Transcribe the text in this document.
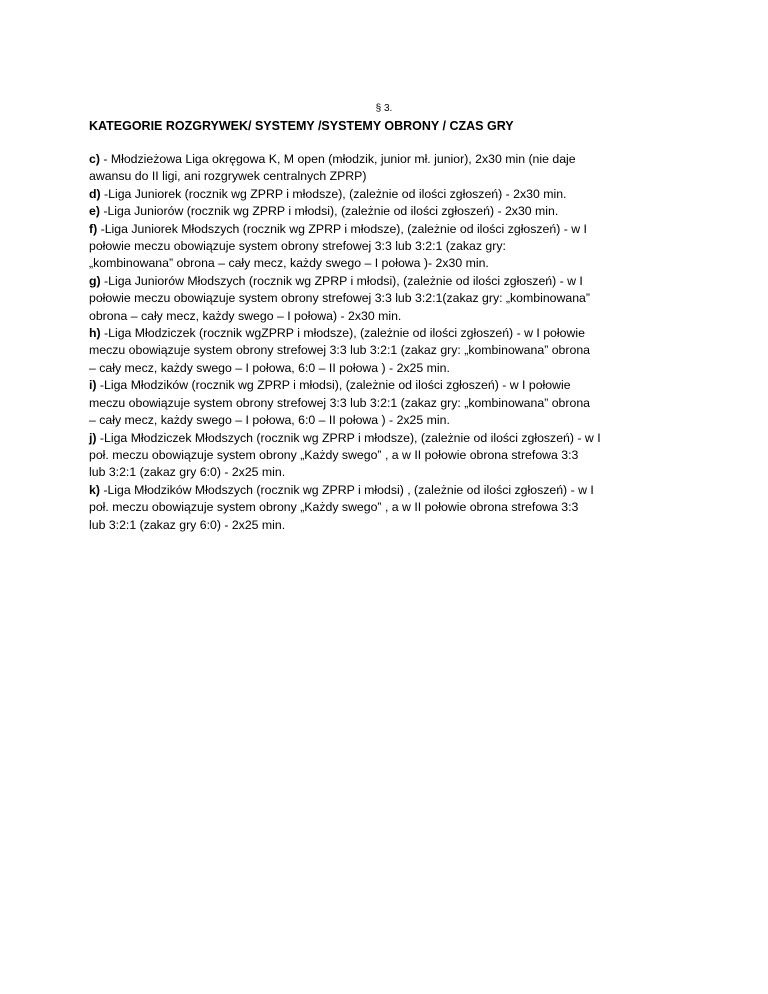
§ 3.
KATEGORIE ROZGRYWEK/ SYSTEMY /SYSTEMY OBRONY / CZAS GRY

c) - Młodzieżowa Liga okręgowa K, M open (młodzik, junior mł. junior), 2x30 min (nie daje
awansu do II ligi, ani rozgrywek centralnych ZPRP)

d) -Liga Juniorek (rocznik wg ZPRP i młodsze), (zależnie od ilości zgłoszeń) - 2x30 min.

e) -Liga Juniorów (rocznik wg ZPRP i młodsi), (zależnie od ilości zgłoszeń) - 2x30 min.

f) -Liga Juniorek Młodszych (rocznik wg ZPRP i młodsze), (zależnie od ilości zgłoszeń) - w I
połowie meczu obowiązuje system obrony strefowej 3:3 lub 3:2:1 (zakaz gry:
„kombinowana” obrona – cały mecz, każdy swego – I połowa )- 2x30 min.

g) -Liga Juniorów Młodszych (rocznik wg ZPRP i młodsi), (zależnie od ilości zgłoszeń) - w I
połowie meczu obowiązuje system obrony strefowej 3:3 lub 3:2:1(zakaz gry: „kombinowana”
obrona – cały mecz, każdy swego – I połowa) - 2x30 min.

h) -Liga Młodziczek (rocznik wgZPRP i młodsze), (zależnie od ilości zgłoszeń) - w I połowie
meczu obowiązuje system obrony strefowej 3:3 lub 3:2:1 (zakaz gry: „kombinowana” obrona
– cały mecz, każdy swego – I połowa, 6:0 – II połowa ) - 2x25 min.

i) -Liga Młodzików (rocznik wg ZPRP i młodsi), (zależnie od ilości zgłoszeń) - w I połowie
meczu obowiązuje system obrony strefowej 3:3 lub 3:2:1 (zakaz gry: „kombinowana” obrona
– cały mecz, każdy swego – I połowa, 6:0 – II połowa ) - 2x25 min.

j) -Liga Młodziczek Młodszych (rocznik wg ZPRP i młodsze), (zależnie od ilości zgłoszeń) - w I
poł. meczu obowiązuje system obrony „Każdy swego” , a w II połowie obrona strefowa 3:3
lub 3:2:1 (zakaz gry 6:0) - 2x25 min.

k) -Liga Młodzików Młodszych (rocznik wg ZPRP i młodsi) , (zależnie od ilości zgłoszeń) - w I
poł. meczu obowiązuje system obrony „Każdy swego” , a w II połowie obrona strefowa 3:3
lub 3:2:1 (zakaz gry 6:0) - 2x25 min.
